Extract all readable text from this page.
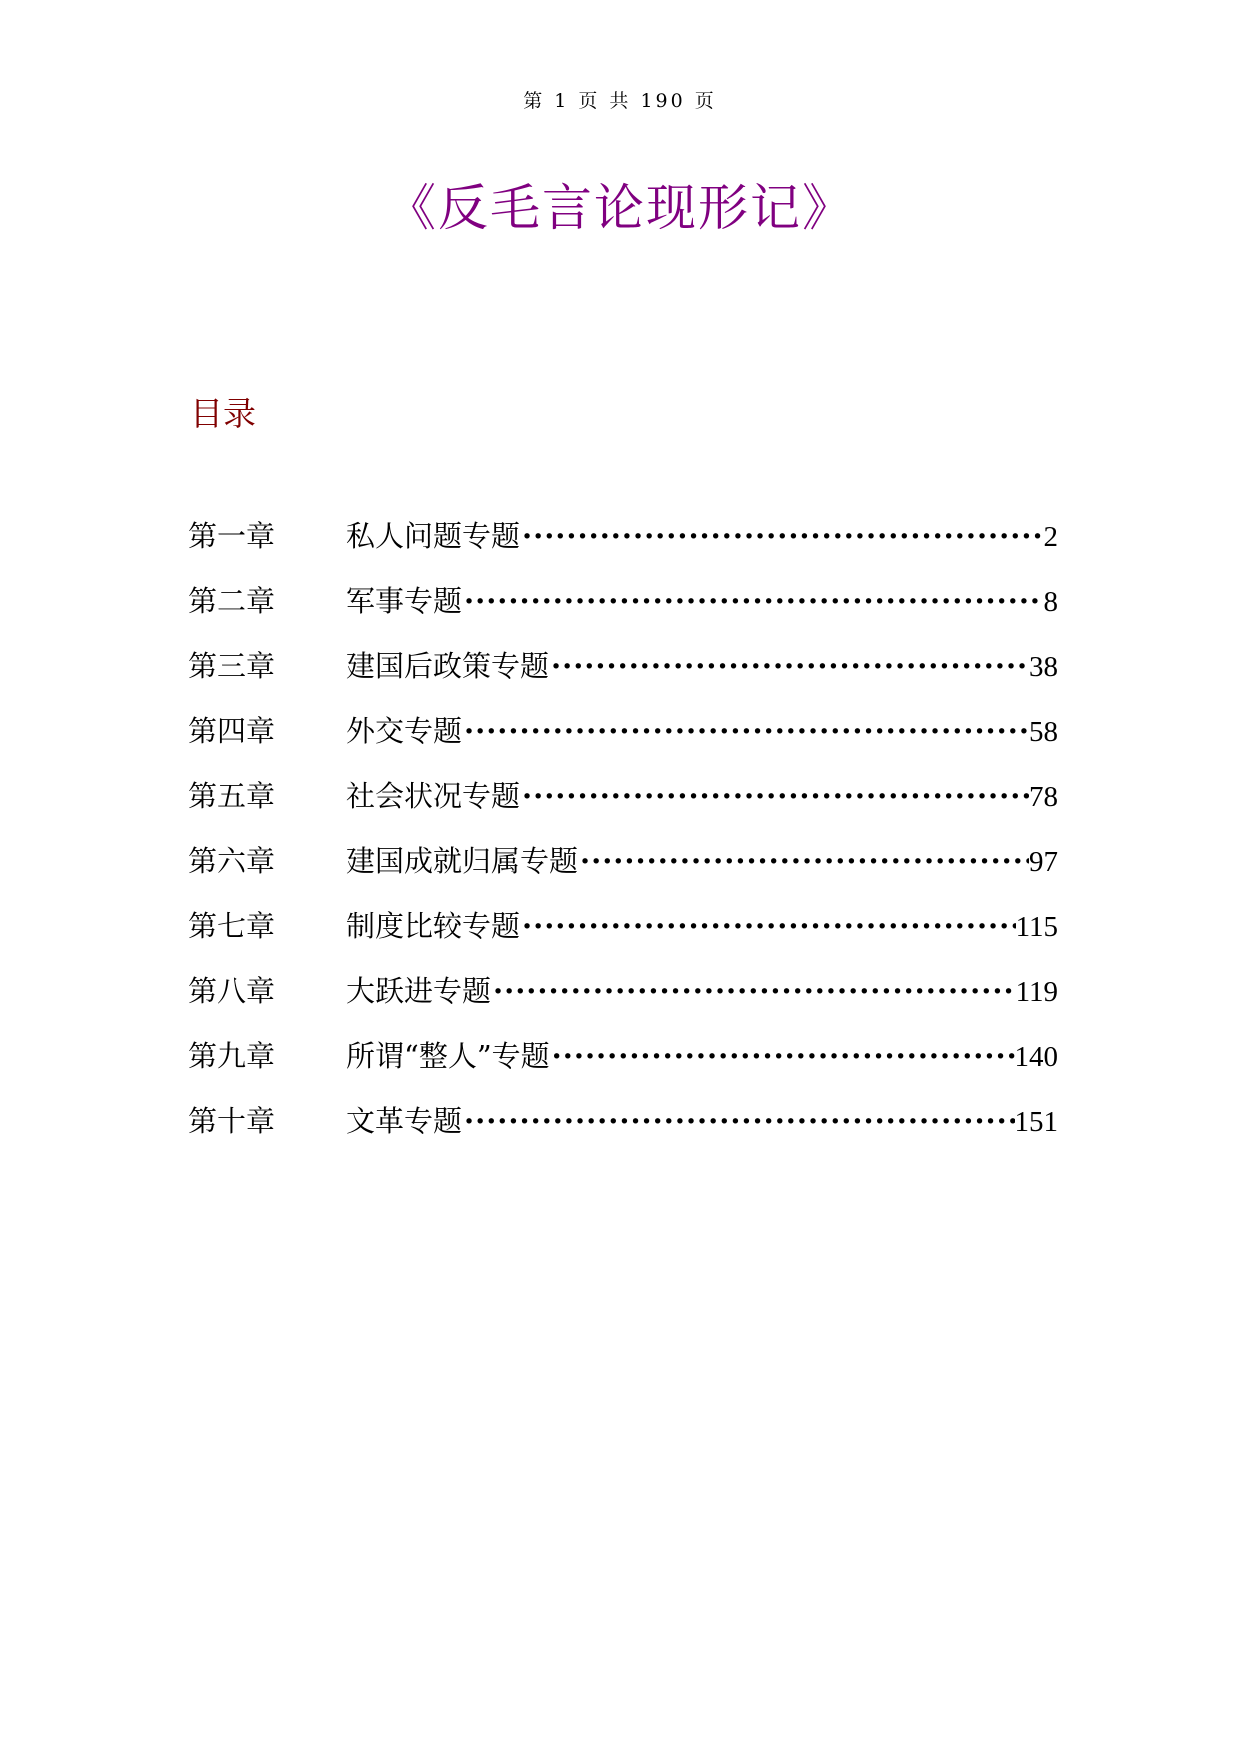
第 1 页 共 190 页
《反毛言论现形记》
目录
第一章	私人问题专题 ·····	2
第二章	军事专题 ·····	8
第三章	建国后政策专题 ·····	38
第四章	外交专题 ·····	58
第五章	社会状况专题 ·····	78
第六章	建国成就归属专题 ·····	97
第七章	制度比较专题 ·····	115
第八章	大跃进专题 ·····	119
第九章	所谓“整人”专题 ·····	140
第十章	文革专题 ·····	151
